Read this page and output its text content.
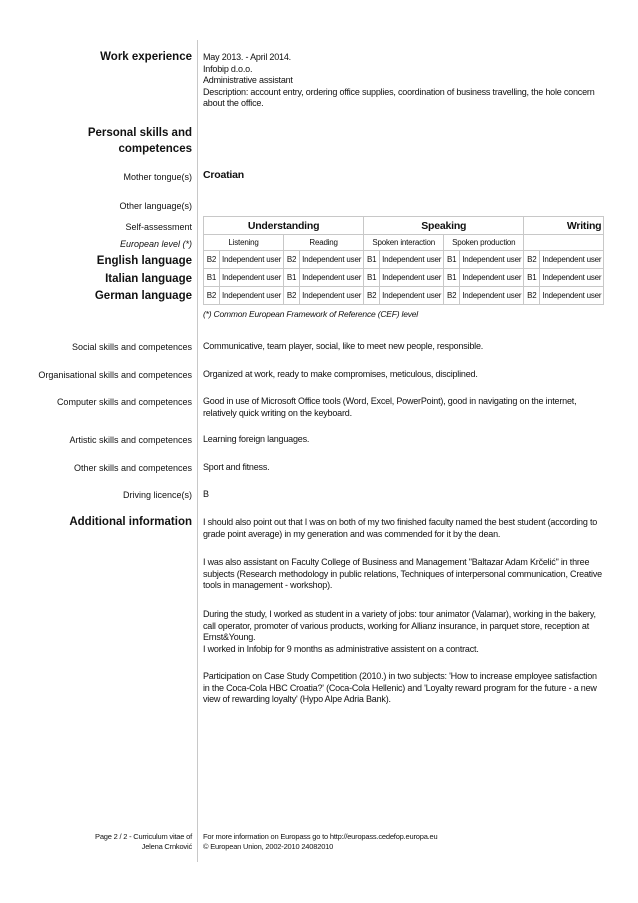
Work experience May 2013. - April 2014.

Infobip d.o.o.

Administrative assistant

Description: account entry, ordering office supplies, coordination of business travelling, the hole concern about the office.

Personal skills and
competences
Mother tongue(s) Croatian
Other language(s)
Self-assessment
European level (*)
English language
Italian language
German language
Understanding				Speaking				Writing	
Listening		Reading		Spoken interaction		Spoken production			
B2	Independent user	B2	Independent user	B1	Independent user	B1	Independent user	B2	Independent user
B1	Independent user	B1	Independent user	B1	Independent user	B1	Independent user	B1	Independent user
B2	Independent user	B2	Independent user	B2	Independent user	B2	Independent user	B2	Independent user
(*) Common European Framework of Reference (CEF) level
Social skills and competences Communicative, team player, social, like to meet new people, responsible.
Organisational skills and competences Organized at work, ready to make compromises, meticulous, disciplined.
Computer skills and competences Good in use of Microsoft Office tools (Word, Excel, PowerPoint), good in navigating on the internet, relatively quick writing on the keyboard.
Artistic skills and competences Learning foreign languages.
Other skills and competences Sport and fitness.
Driving licence(s) B
Additional information I should also point out that I was on both of my two finished faculty named the best student (according to grade point average) in my generation and was commended for it by the dean.
I was also assistant on Faculty College of Business and Management "Baltazar Adam Krčelić" in three subjects (Research methodology in public relations, Techniques of interpersonal communication, Creative tools in management - workshop).
During the study, I worked as student in a variety of jobs: tour animator (Valamar), working in the bakery, call operator, promoter of various products, working for Allianz insurance, in parquet store, reception at Ernst&Young.
I worked in Infobip for 9 months as administrative assistent on a contract.
Participation on Case Study Competition (2010.) in two subjects: 'How to increase employee satisfaction in the Coca-Cola HBC Croatia?' (Coca-Cola Hellenic) and 'Loyalty reward program for the future - a new view of rewarding loyalty' (Hypo Alpe Adria Bank).
Page 2 / 2 - Curriculum vitae of
Jelena Crnković
For more information on Europass go to http://europass.cedefop.europa.eu
© European Union, 2002-2010 24082010
